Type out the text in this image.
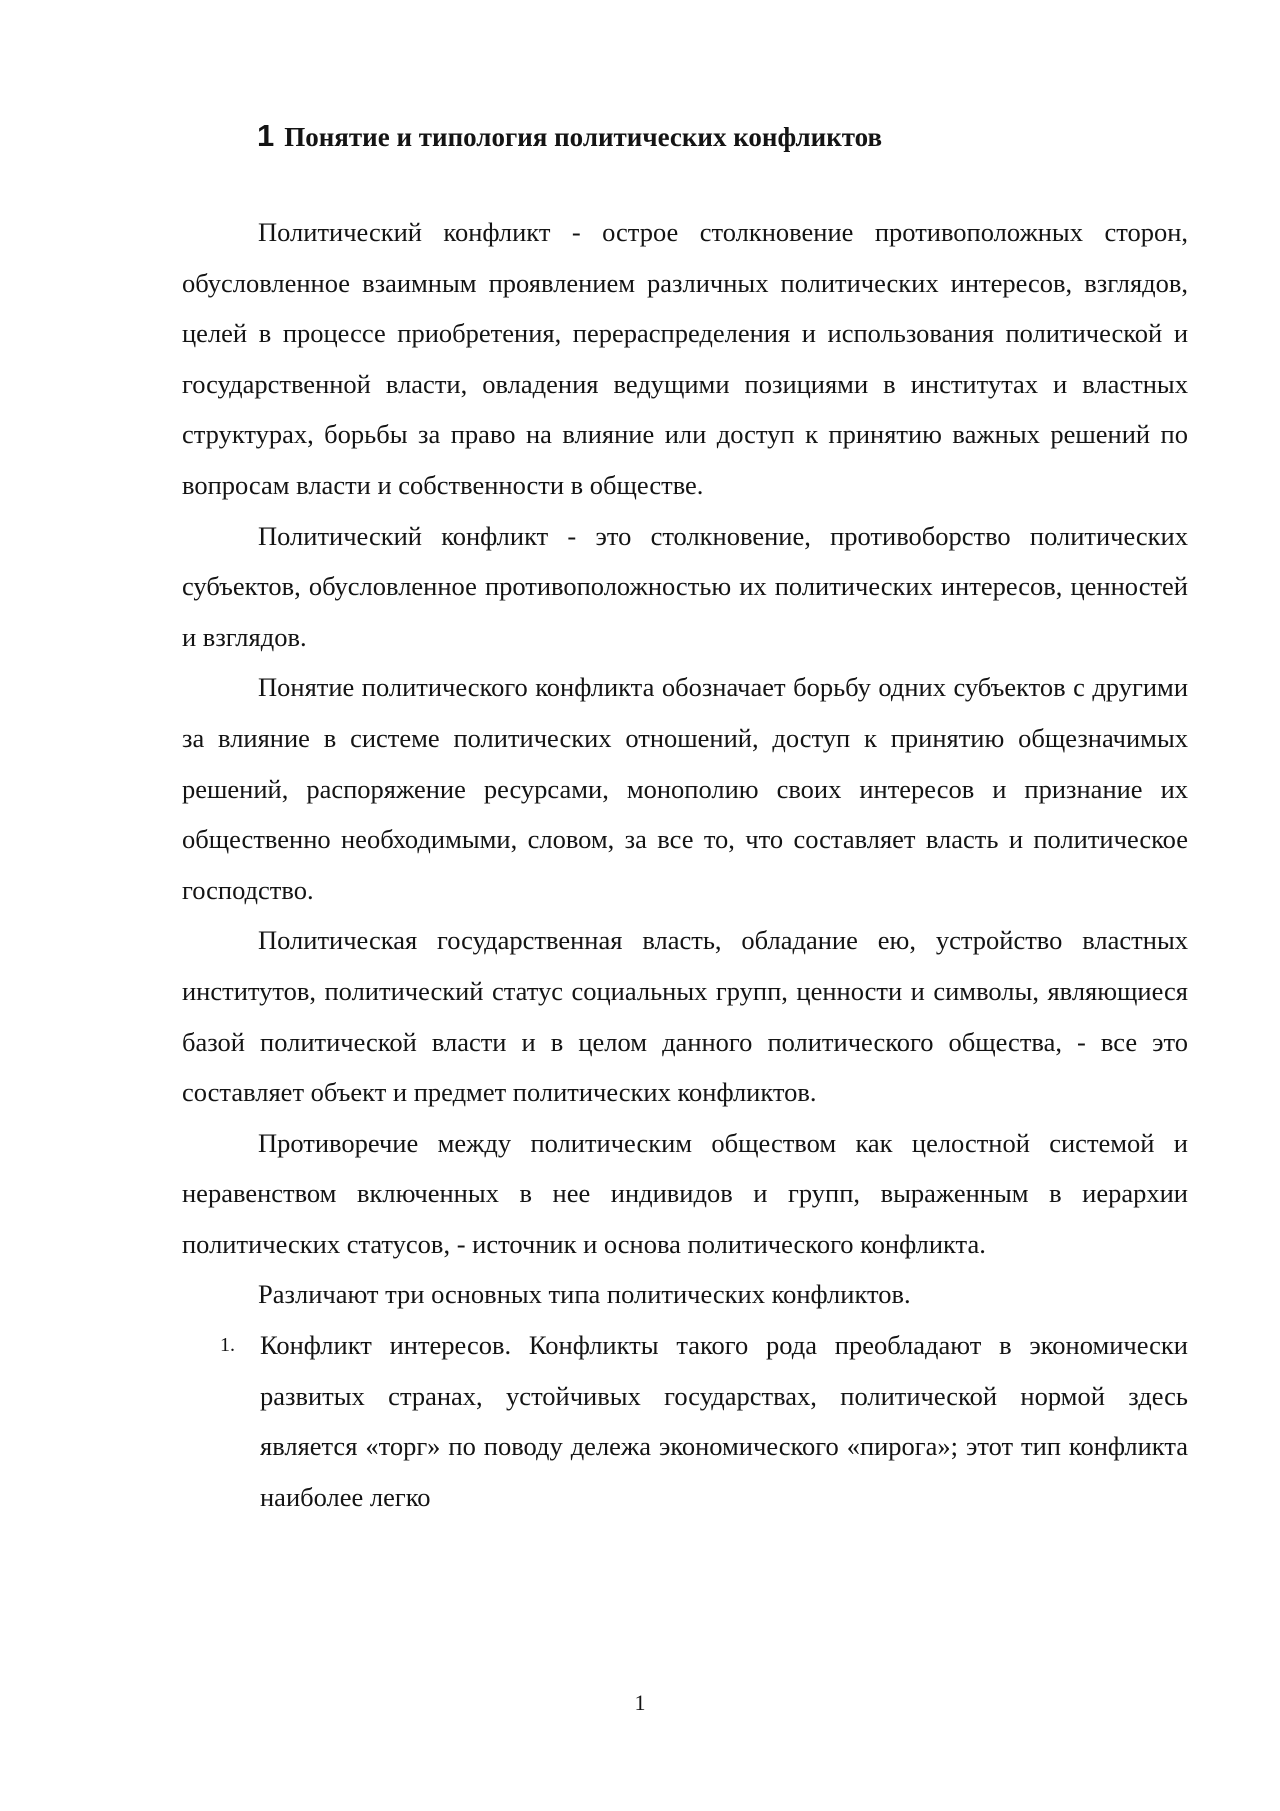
1 Понятие и типология политических конфликтов

Политический конфликт - острое столкновение противоположных сторон, обусловленное взаимным проявлением различных политических интересов, взглядов, целей в процессе приобретения, перераспределения и использования политической и государственной власти, овладения ведущими позициями в институтах и властных структурах, борьбы за право на влияние или доступ к принятию важных решений по вопросам власти и собственности в обществе.

Политический конфликт - это столкновение, противоборство политических субъектов, обусловленное противоположностью их политических интересов, ценностей и взглядов.

Понятие политического конфликта обозначает борьбу одних субъектов с другими за влияние в системе политических отношений, доступ к принятию общезначимых решений, распоряжение ресурсами, монополию своих интересов и признание их общественно необходимыми, словом, за все то, что составляет власть и политическое господство.

Политическая государственная власть, обладание ею, устройство властных институтов, политический статус социальных групп, ценности и символы, являющиеся базой политической власти и в целом данного политического общества, - все это составляет объект и предмет политических конфликтов.

Противоречие между политическим обществом как целостной системой и неравенством включенных в нее индивидов и групп, выраженным в иерархии политических статусов, - источник и основа политического конфликта.

Различают три основных типа политических конфликтов.

1. Конфликт интересов. Конфликты такого рода преобладают в экономически развитых странах, устойчивых государствах, политической нормой здесь является «торг» по поводу дележа экономического «пирога»; этот тип конфликта наиболее легко
1
